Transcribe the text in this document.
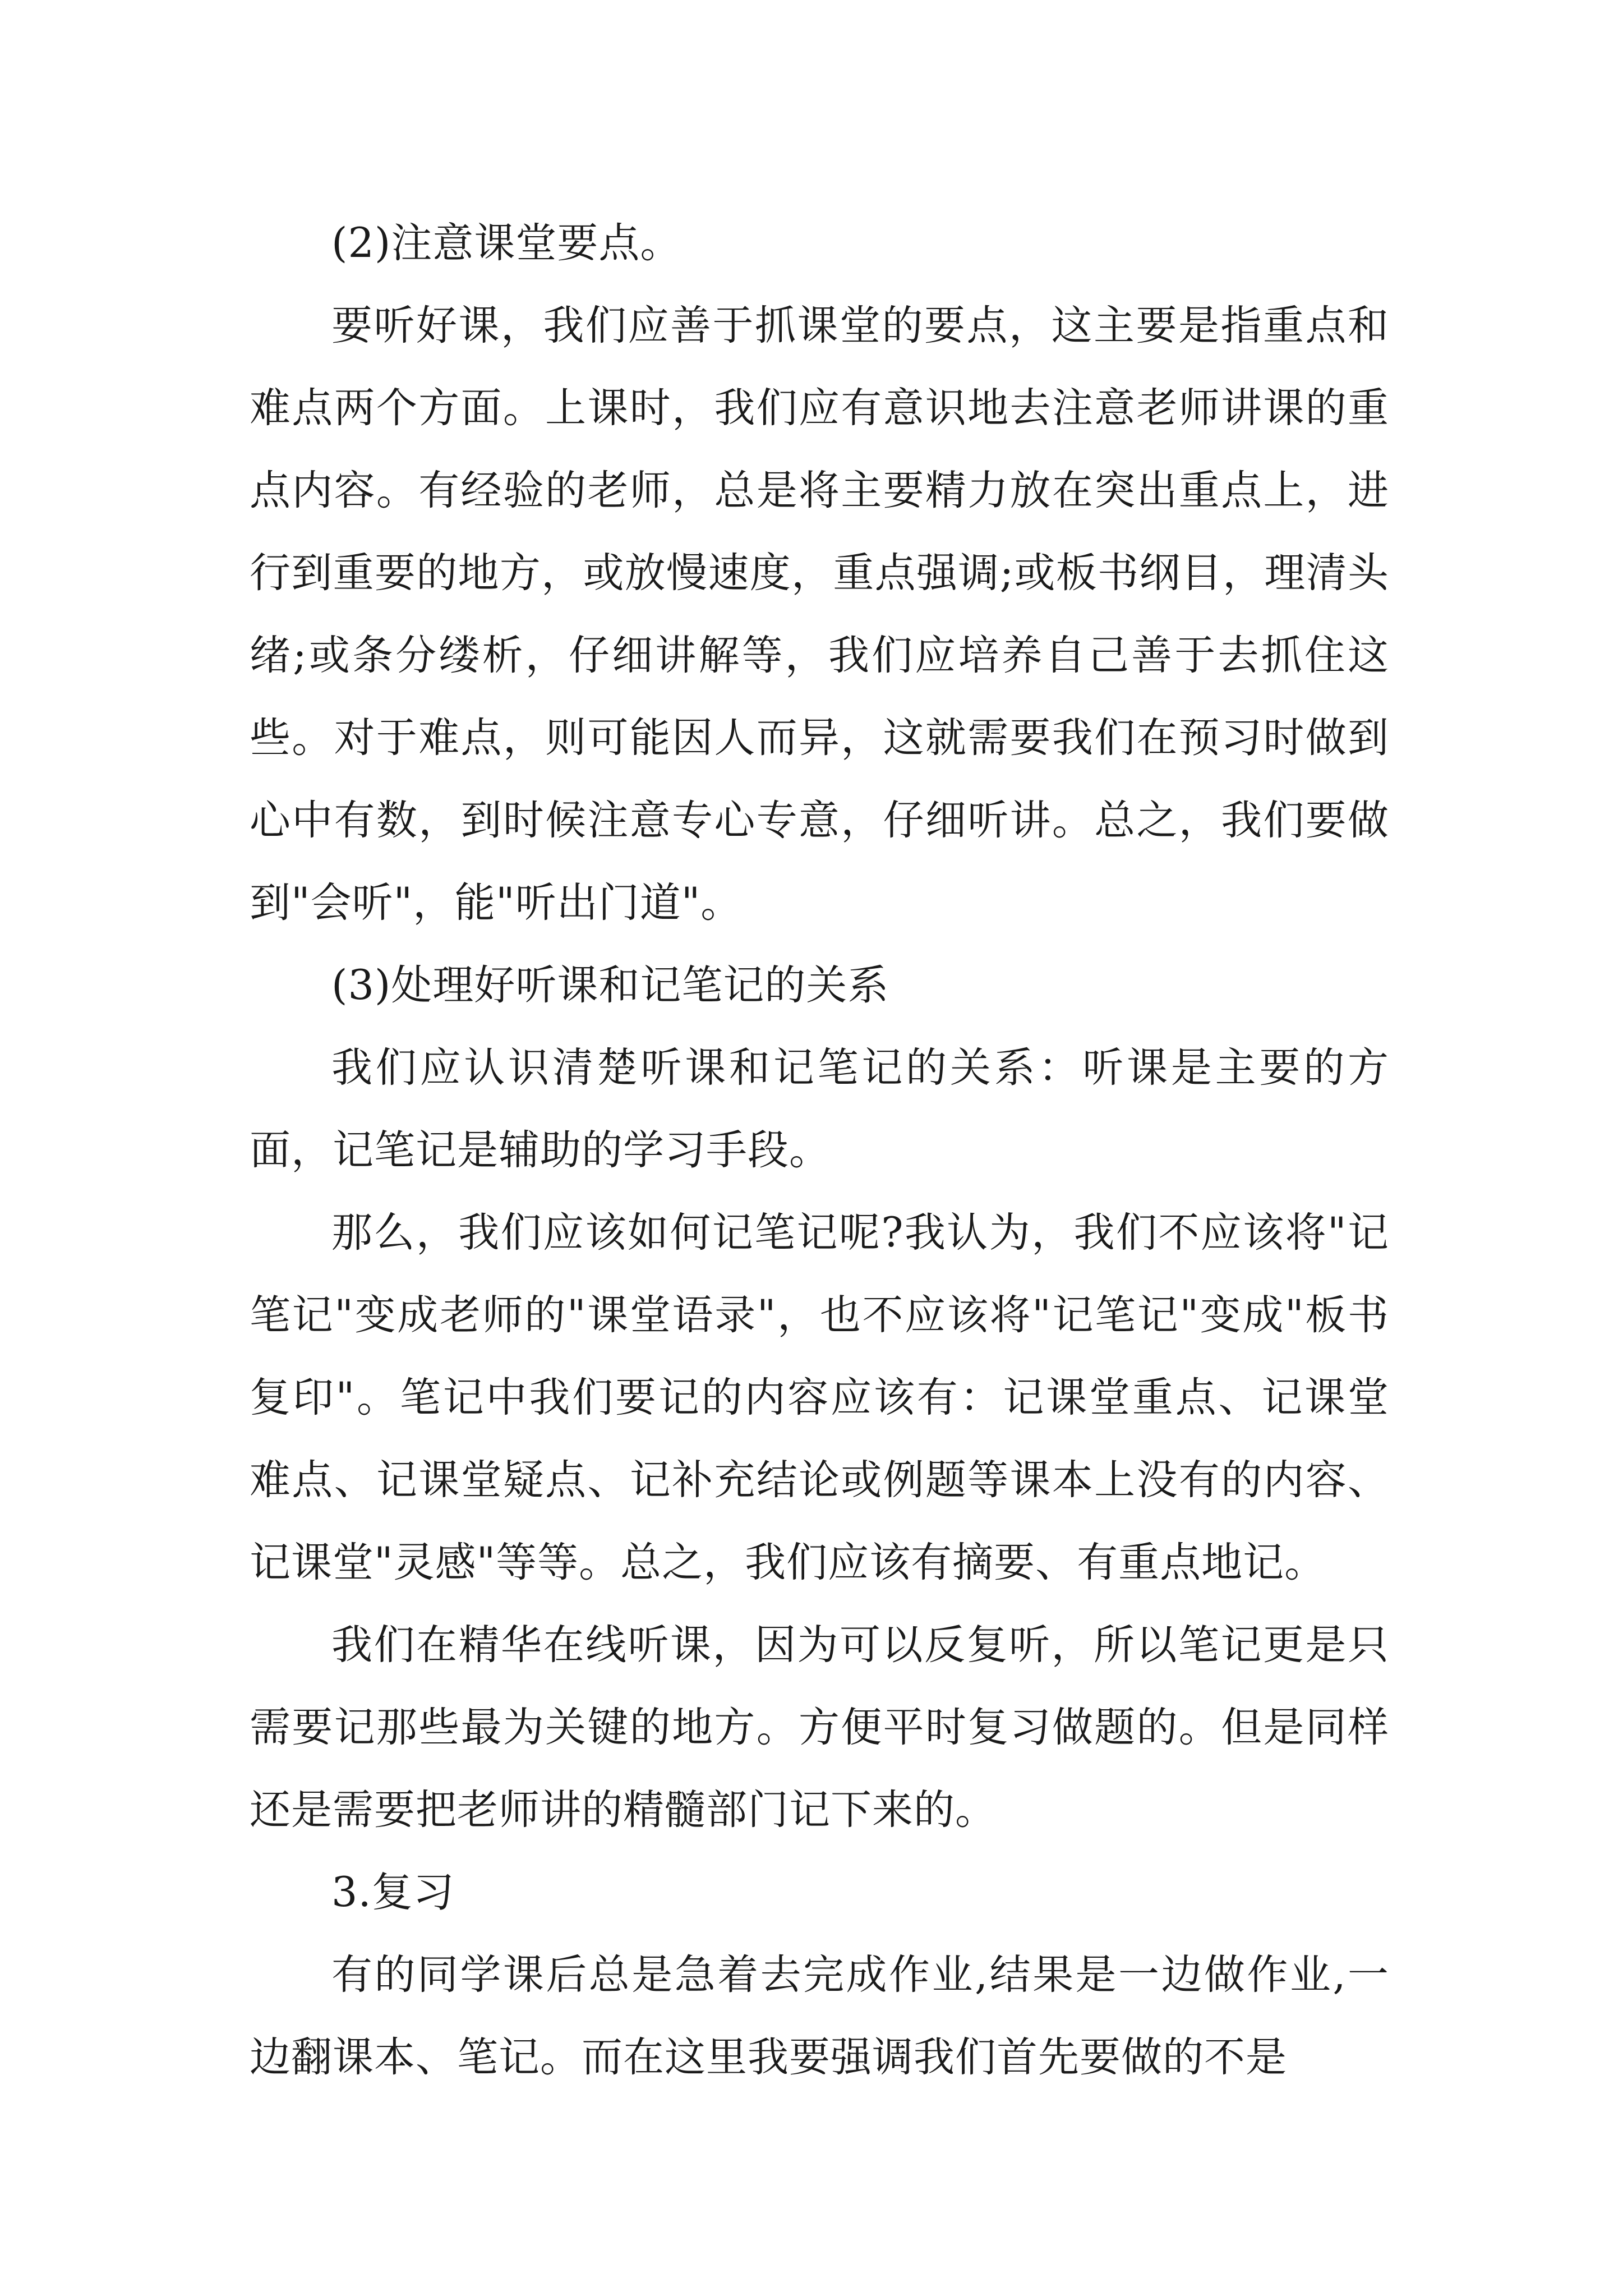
(2)注意课堂要点。

要听好课，我们应善于抓课堂的要点，这主要是指重点和难点两个方面。上课时，我们应有意识地去注意老师讲课的重点内容。有经验的老师，总是将主要精力放在突出重点上，进行到重要的地方，或放慢速度，重点强调;或板书纲目，理清头绪;或条分缕析，仔细讲解等，我们应培养自己善于去抓住这些。对于难点，则可能因人而异，这就需要我们在预习时做到心中有数，到时候注意专心专意，仔细听讲。总之，我们要做到"会听"，能"听出门道"。

(3)处理好听课和记笔记的关系

我们应认识清楚听课和记笔记的关系：听课是主要的方面，记笔记是辅助的学习手段。

那么，我们应该如何记笔记呢?我认为，我们不应该将"记笔记"变成老师的"课堂语录"，也不应该将"记笔记"变成"板书复印"。笔记中我们要记的内容应该有：记课堂重点、记课堂难点、记课堂疑点、记补充结论或例题等课本上没有的内容、记课堂"灵感"等等。总之，我们应该有摘要、有重点地记。

我们在精华在线听课，因为可以反复听，所以笔记更是只需要记那些最为关键的地方。方便平时复习做题的。但是同样还是需要把老师讲的精髓部门记下来的。

3.复习

有的同学课后总是急着去完成作业,结果是一边做作业,一边翻课本、笔记。而在这里我要强调我们首先要做的不是
